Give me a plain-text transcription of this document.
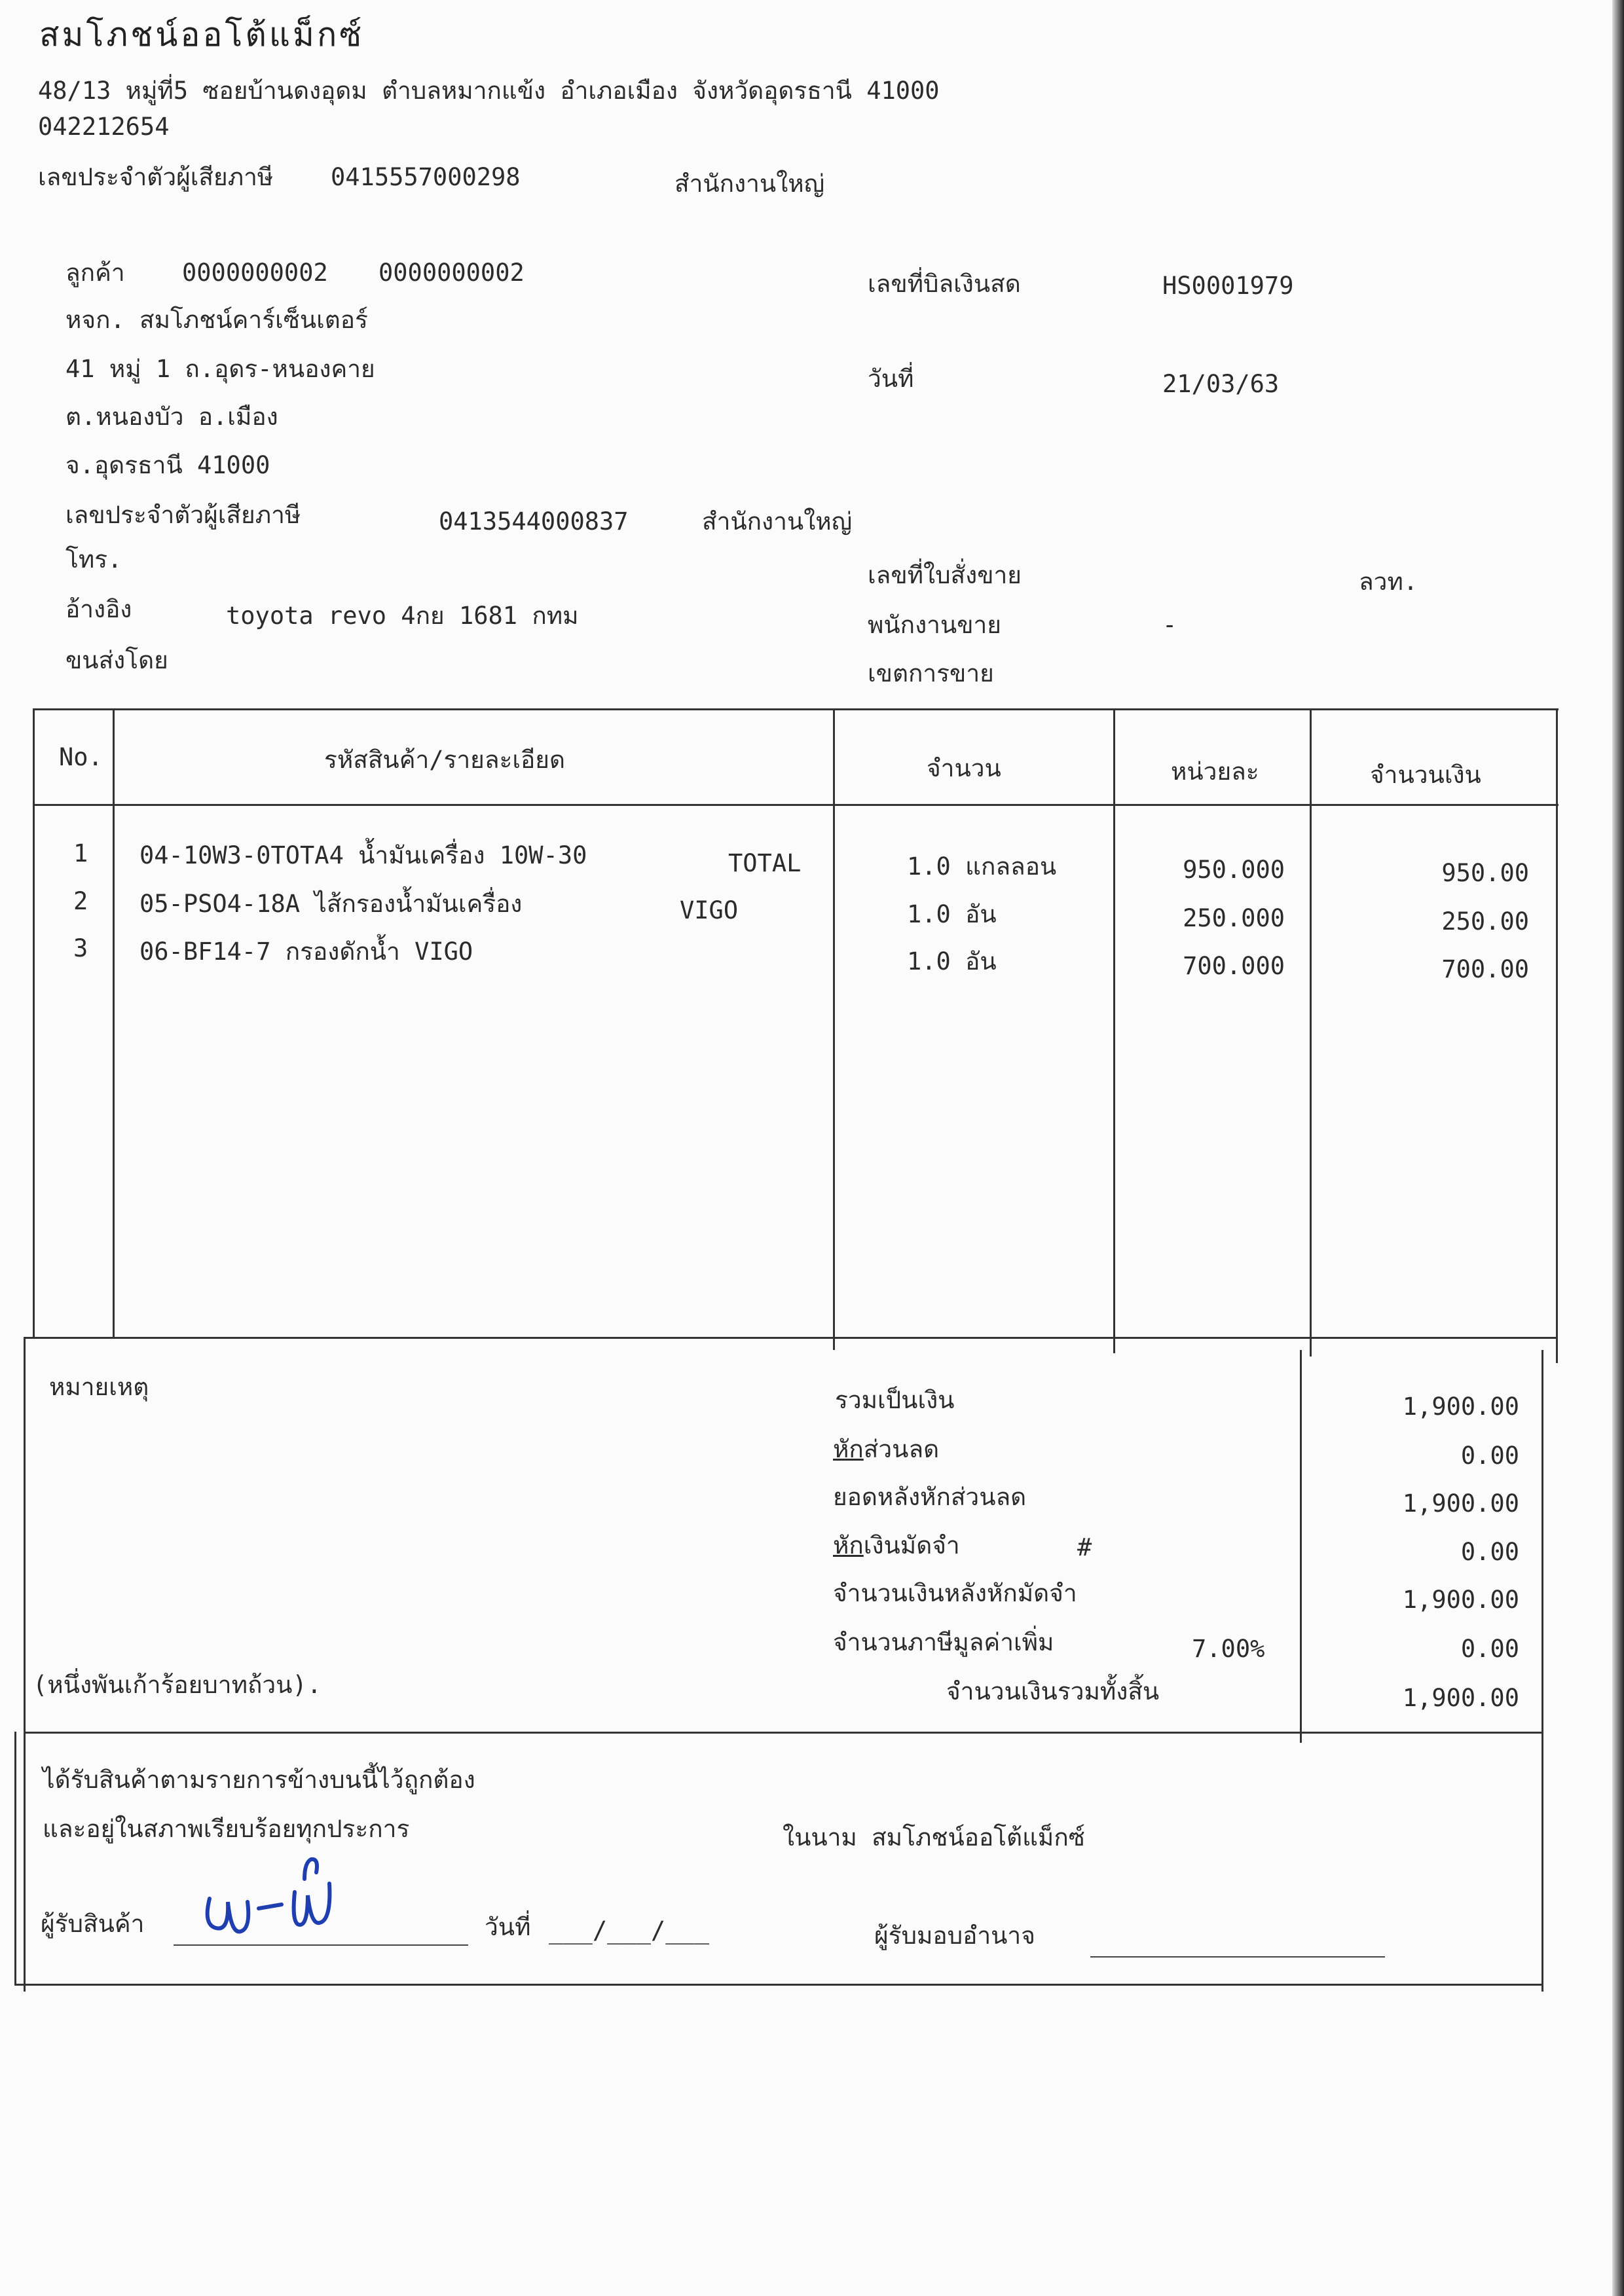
สมโภชน์ออโต้แม็กซ์
48/13 หมู่ที่5 ซอยบ้านดงอุดม ตำบลหมากแข้ง อำเภอเมือง จังหวัดอุดรธานี 41000
042212654
เลขประจำตัวผู้เสียภาษี 0415557000298	สำนักงานใหญ่
ลูกค้า 0000000002 0000000002
หจก. สมโภชน์คาร์เซ็นเตอร์
41 หมู่ 1 ถ.อุดร-หนองคาย
ต.หนองบัว อ.เมือง
จ.อุดรธานี 41000
เลขประจำตัวผู้เสียภาษี	0413544000837	สำนักงานใหญ่
โทร.
อ้างอิง	toyota revo 4กย 1681 กทม
ขนส่งโดย
เลขที่บิลเงินสด	HS0001979
วันที่	21/03/63
เลขที่ใบสั่งขาย	ลวท.
พนักงานขาย	-
เขตการขาย
No.	รหัสสินค้า/รายละเอียด	จำนวน	หน่วยละ	จำนวนเงิน
1 04-10W3-0TOTA4 น้ำมันเครื่อง 10W-30	TOTAL	1.0 แกลลอน	950.000	950.00
2 05-PSO4-18A ไส้กรองน้ำมันเครื่อง	VIGO	1.0 อัน	250.000	250.00
3 06-BF14-7 กรองดักน้ำ VIGO	1.0 อัน	700.000	700.00
หมายเหตุ
(หนึ่งพันเก้าร้อยบาทถ้วน).
รวมเป็นเงิน	1,900.00
หักส่วนลด	0.00
ยอดหลังหักส่วนลด	1,900.00
หักเงินมัดจำ	#	0.00
จำนวนเงินหลังหักมัดจำ	1,900.00
จำนวนภาษีมูลค่าเพิ่ม	7.00%	0.00
จำนวนเงินรวมทั้งสิ้น	1,900.00
ได้รับสินค้าตามรายการข้างบนนี้ไว้ถูกต้อง
และอยู่ในสภาพเรียบร้อยทุกประการ	ในนาม สมโภชน์ออโต้แม็กซ์
ผู้รับสินค้า	วันที่ ___/___/___	ผู้รับมอบอำนาจ
